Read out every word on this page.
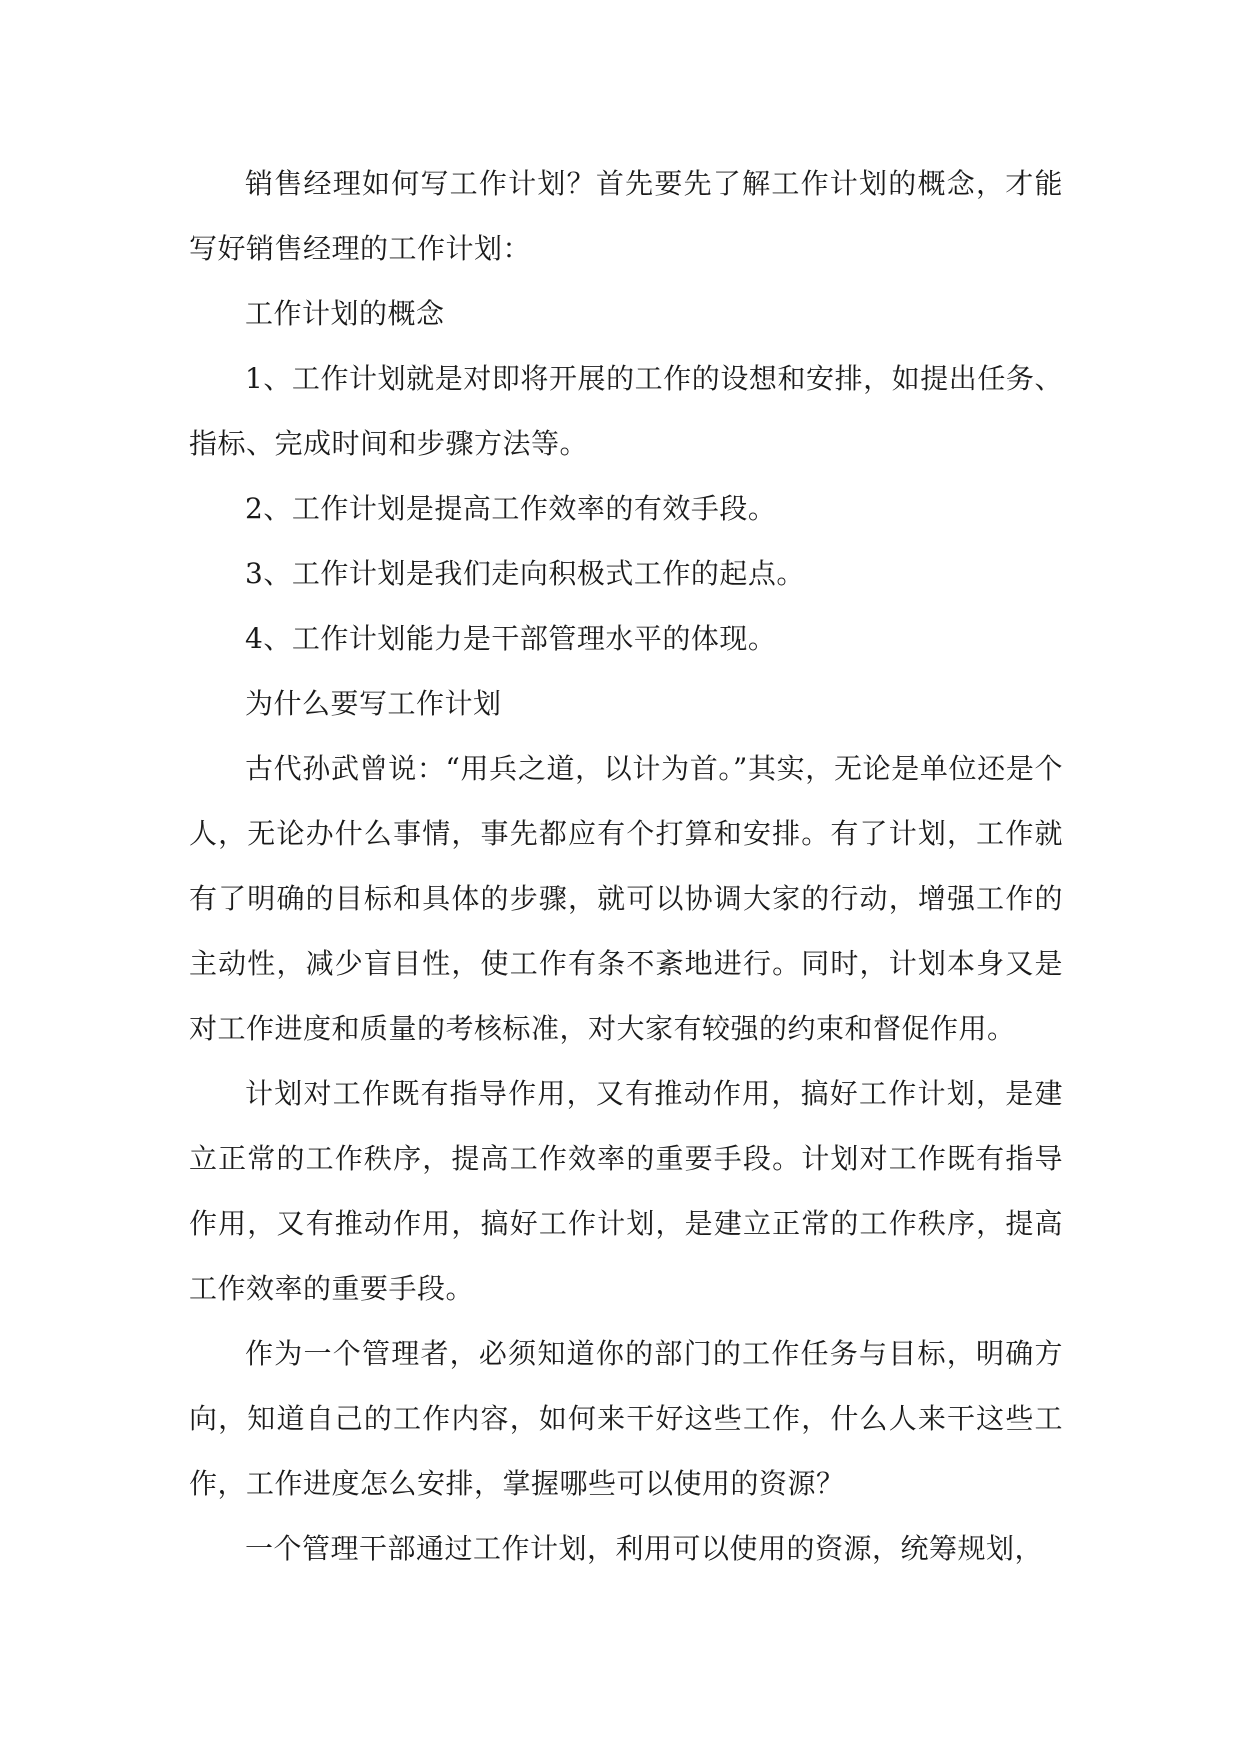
销售经理如何写工作计划？首先要先了解工作计划的概念，才能写好销售经理的工作计划：

工作计划的概念

1、工作计划就是对即将开展的工作的设想和安排，如提出任务、指标、完成时间和步骤方法等。

2、工作计划是提高工作效率的有效手段。

3、工作计划是我们走向积极式工作的起点。

4、工作计划能力是干部管理水平的体现。

为什么要写工作计划

古代孙武曾说：“用兵之道，以计为首。”其实，无论是单位还是个人，无论办什么事情，事先都应有个打算和安排。有了计划，工作就有了明确的目标和具体的步骤，就可以协调大家的行动，增强工作的主动性，减少盲目性，使工作有条不紊地进行。同时，计划本身又是对工作进度和质量的考核标准，对大家有较强的约束和督促作用。

计划对工作既有指导作用，又有推动作用，搞好工作计划，是建立正常的工作秩序，提高工作效率的重要手段。计划对工作既有指导作用，又有推动作用，搞好工作计划，是建立正常的工作秩序，提高工作效率的重要手段。

作为一个管理者，必须知道你的部门的工作任务与目标，明确方向，知道自己的工作内容，如何来干好这些工作，什么人来干这些工作，工作进度怎么安排，掌握哪些可以使用的资源？

一个管理干部通过工作计划，利用可以使用的资源，统筹规划，
